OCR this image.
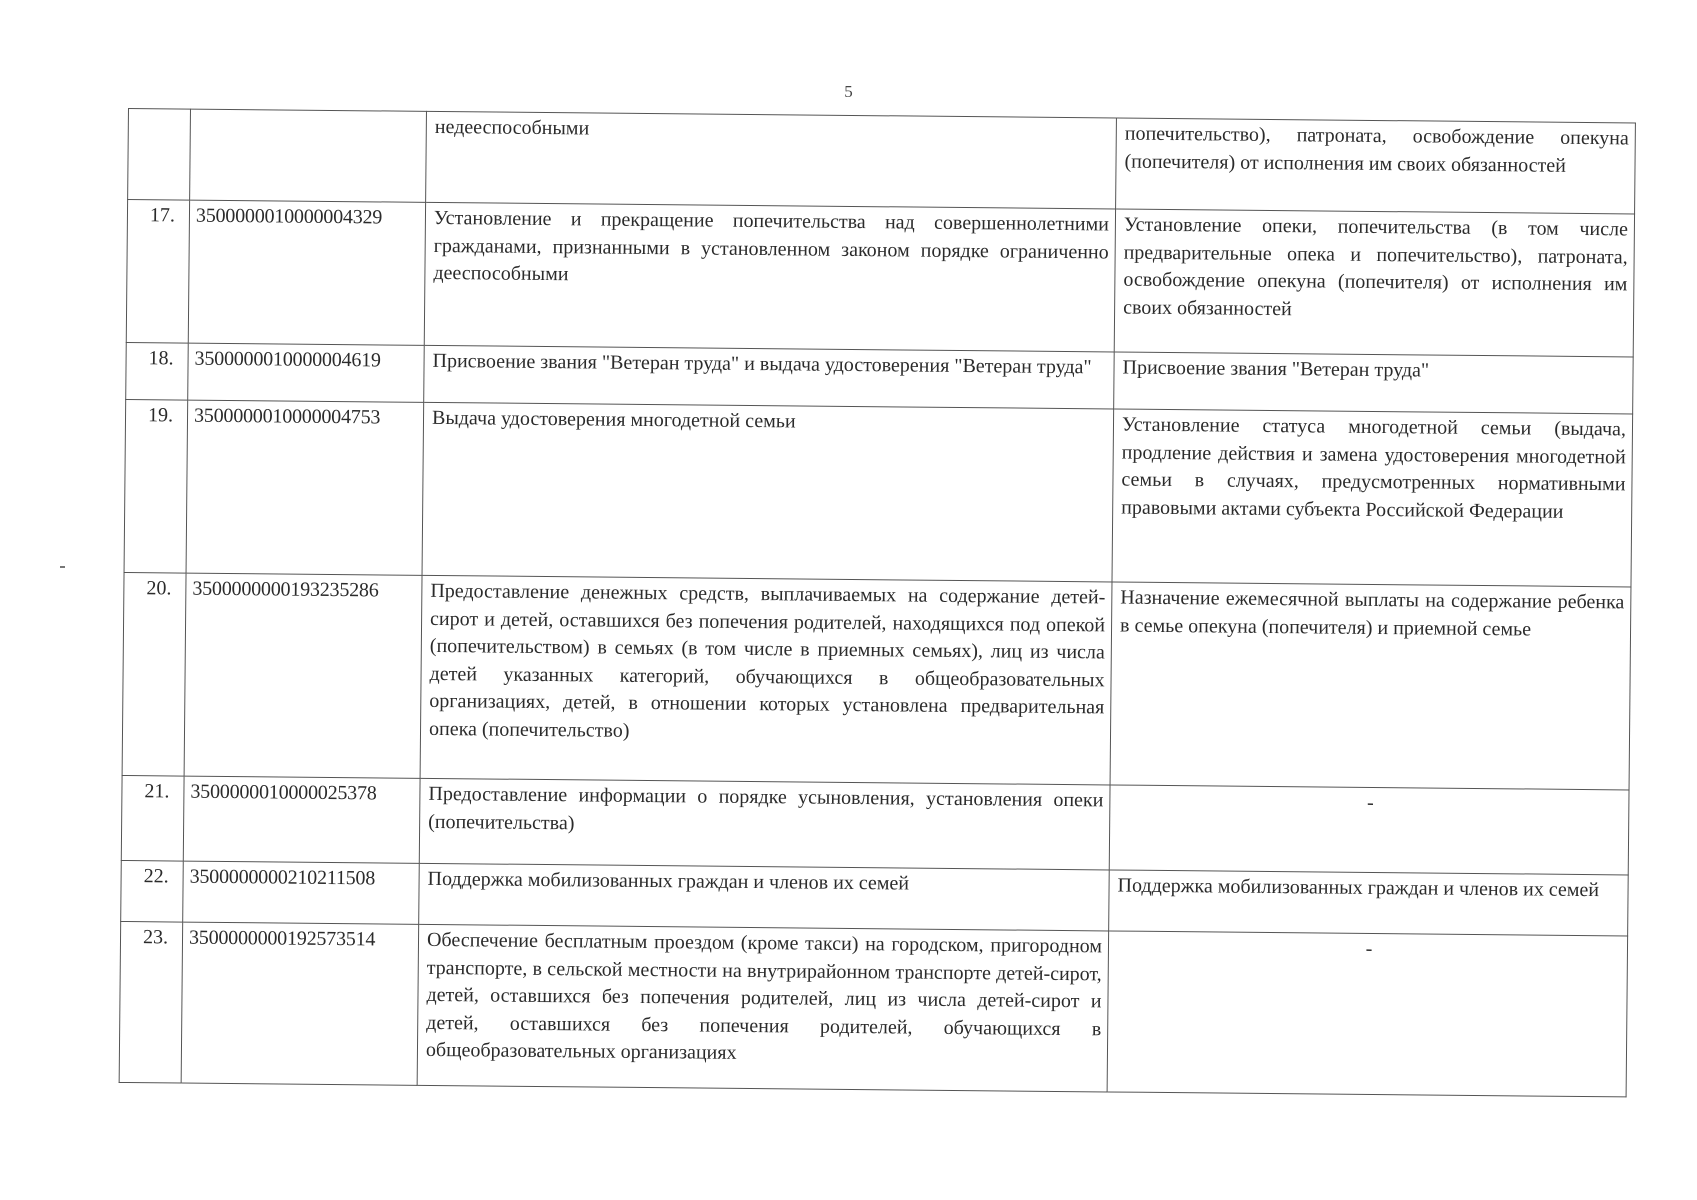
5
		недееспособными	попечительство), патроната, освобождение опекуна (попечителя) от исполнения им своих обязанностей
17.	3500000010000004329	Установление и прекращение попечительства над совершеннолетними гражданами, признанными в установленном законом порядке ограниченно дееспособными	Установление опеки, попечительства (в том числе предварительные опека и попечительство), патроната, освобождение опекуна (попечителя) от исполнения им своих обязанностей
18.	3500000010000004619	Присвоение звания "Ветеран труда" и выдача удостоверения "Ветеран труда"	Присвоение звания "Ветеран труда"
19.	3500000010000004753	Выдача удостоверения многодетной семьи	Установление статуса многодетной семьи (выдача, продление действия и замена удостоверения многодетной семьи в случаях, предусмотренных нормативными правовыми актами субъекта Российской Федерации
20.	3500000000193235286	Предоставление денежных средств, выплачиваемых на содержание детей-сирот и детей, оставшихся без попечения родителей, находящихся под опекой (попечительством) в семьях (в том числе в приемных семьях), лиц из числа детей указанных категорий, обучающихся в общеобразовательных организациях, детей, в отношении которых установлена предварительная опека (попечительство)	Назначение ежемесячной выплаты на содержание ребенка в семье опекуна (попечителя) и приемной семье
21.	3500000010000025378	Предоставление информации о порядке усыновления, установления опеки (попечительства)	-
22.	3500000000210211508	Поддержка мобилизованных граждан и членов их семей	Поддержка мобилизованных граждан и членов их семей
23.	3500000000192573514	Обеспечение бесплатным проездом (кроме такси) на городском, пригородном транспорте, в сельской местности на внутрирайонном транспорте детей-сирот, детей, оставшихся без попечения родителей, лиц из числа детей-сирот и детей, оставшихся без попечения родителей, обучающихся в общеобразовательных организациях	-
